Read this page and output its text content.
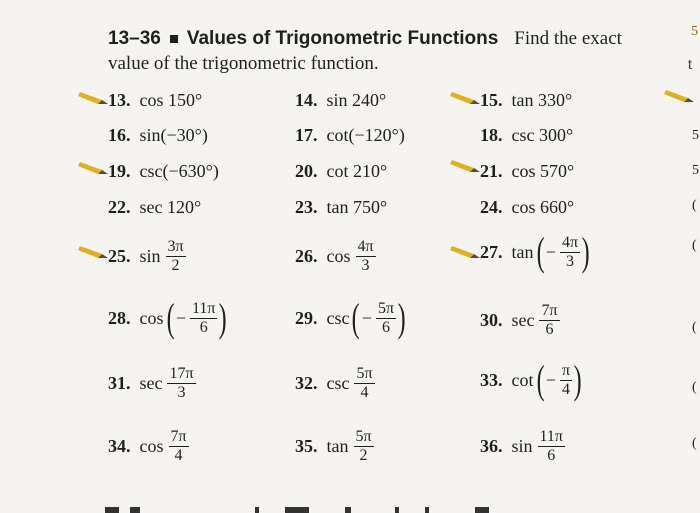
13–36 Values of Trigonometric Functions Find the exact
value of the trigonometric function.
13. cos 150°	14. sin 240°	15. tan 330°
16. sin(−30°)	17. cot(−120°)	18. csc 300°
19. csc(−630°)	20. cot 210°	21. cos 570°
22. sec 120°	23. tan 750°	24. cos 660°
25. $\sin \frac{3\pi}{2}$	26. $\cos \frac{4\pi}{3}$	27. tan ( − $\frac{4\pi}{3}$ )
28. cos ( − $\frac{11\pi}{6}$ )	29. csc ( − $\frac{5\pi}{6}$ )	30. $\sec \frac{7\pi}{6}$
31. $\sec \frac{17\pi}{3}$	32. $\csc \frac{5\pi}{4}$	33. cot ( − $\frac{\pi}{4}$ )
34. $\cos \frac{7\pi}{4}$	35. $\tan \frac{5\pi}{2}$	36. $\sin \frac{11\pi}{6}$
t
5
5
5
(
(
(
(
(
